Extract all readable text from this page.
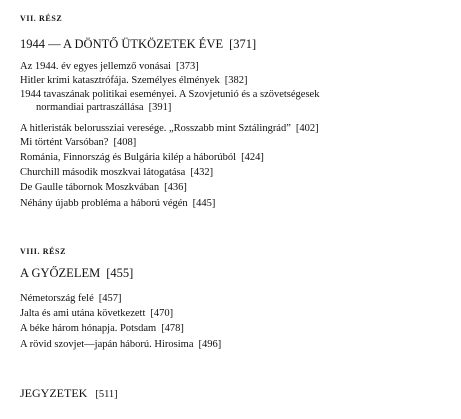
VII. RÉSZ
1944 — A DÖNTŐ ÜTKÖZETEK ÉVE [371]
Az 1944. év egyes jellemző vonásai [373]
Hitler krími katasztrófája. Személyes élmények [382]
1944 tavaszának politikai eseményei. A Szovjetunió és a szövetségesek
normandiai partraszállása [391]
A hitleristák belorussziai veresége. „Rosszabb mint Sztálingrád” [402]
Mi történt Varsóban? [408]
Románia, Finnország és Bulgária kilép a háborúból [424]
Churchill második moszkvai látogatása [432]
De Gaulle tábornok Moszkvában [436]
Néhány újabb probléma a háború végén [445]
VIII. RÉSZ
A GYŐZELEM [455]
Németország felé [457]
Jalta és ami utána következett [470]
A béke három hónapja. Potsdam [478]
A rövid szovjet—japán háború. Hirosima [496]
JEGYZETEK [511]
